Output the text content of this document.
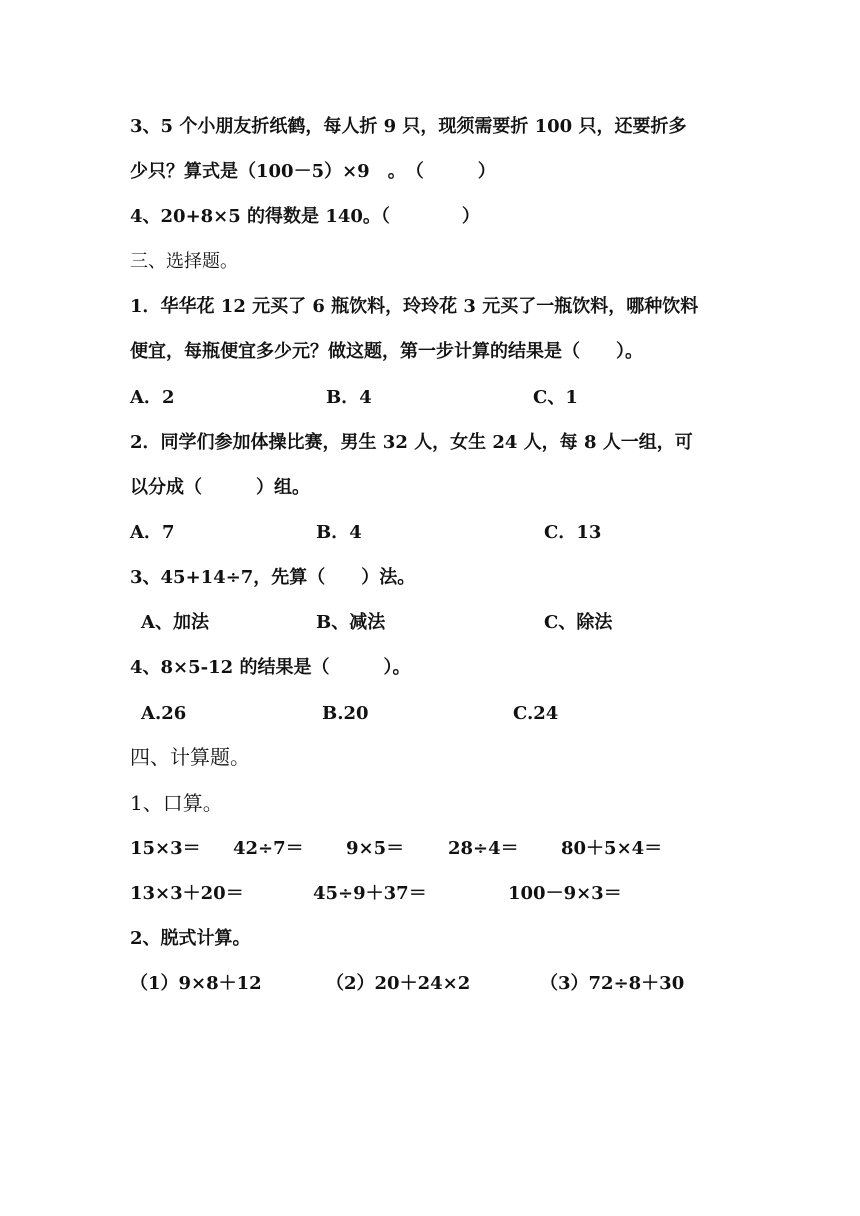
3、5 个小朋友折纸鹤，每人折 9 只，现须需要折 100 只，还要折多
少只？算式是（100－5）×9　。　（　　　）
4、20+8×5 的得数是 140。（　　　　）
三、选择题。
1．华华花 12 元买了 6 瓶饮料，玲玲花 3 元买了一瓶饮料，哪种饮料
便宜，每瓶便宜多少元？做这题，第一步计算的结果是（　　）。
A．2	B．4	C、1
2．同学们参加体操比赛，男生 32 人，女生 24 人，每 8 人一组，可
以分成（　　　）组。
A．7	B．4	C．13
3、45+14÷7，先算（　　）法。
A、加法	B、减法	C、除法
4、8×5-12 的结果是（　　　）。
A.26	B.20	C.24
四、计算题。
1、口算。
15×3＝ 42÷7＝ 9×5＝ 28÷4＝ 80＋5×4＝
13×3＋20＝	45÷9＋37＝	100－9×3＝
2、脱式计算。
（1）9×8＋12	（2）20＋24×2	（3）72÷8＋30
